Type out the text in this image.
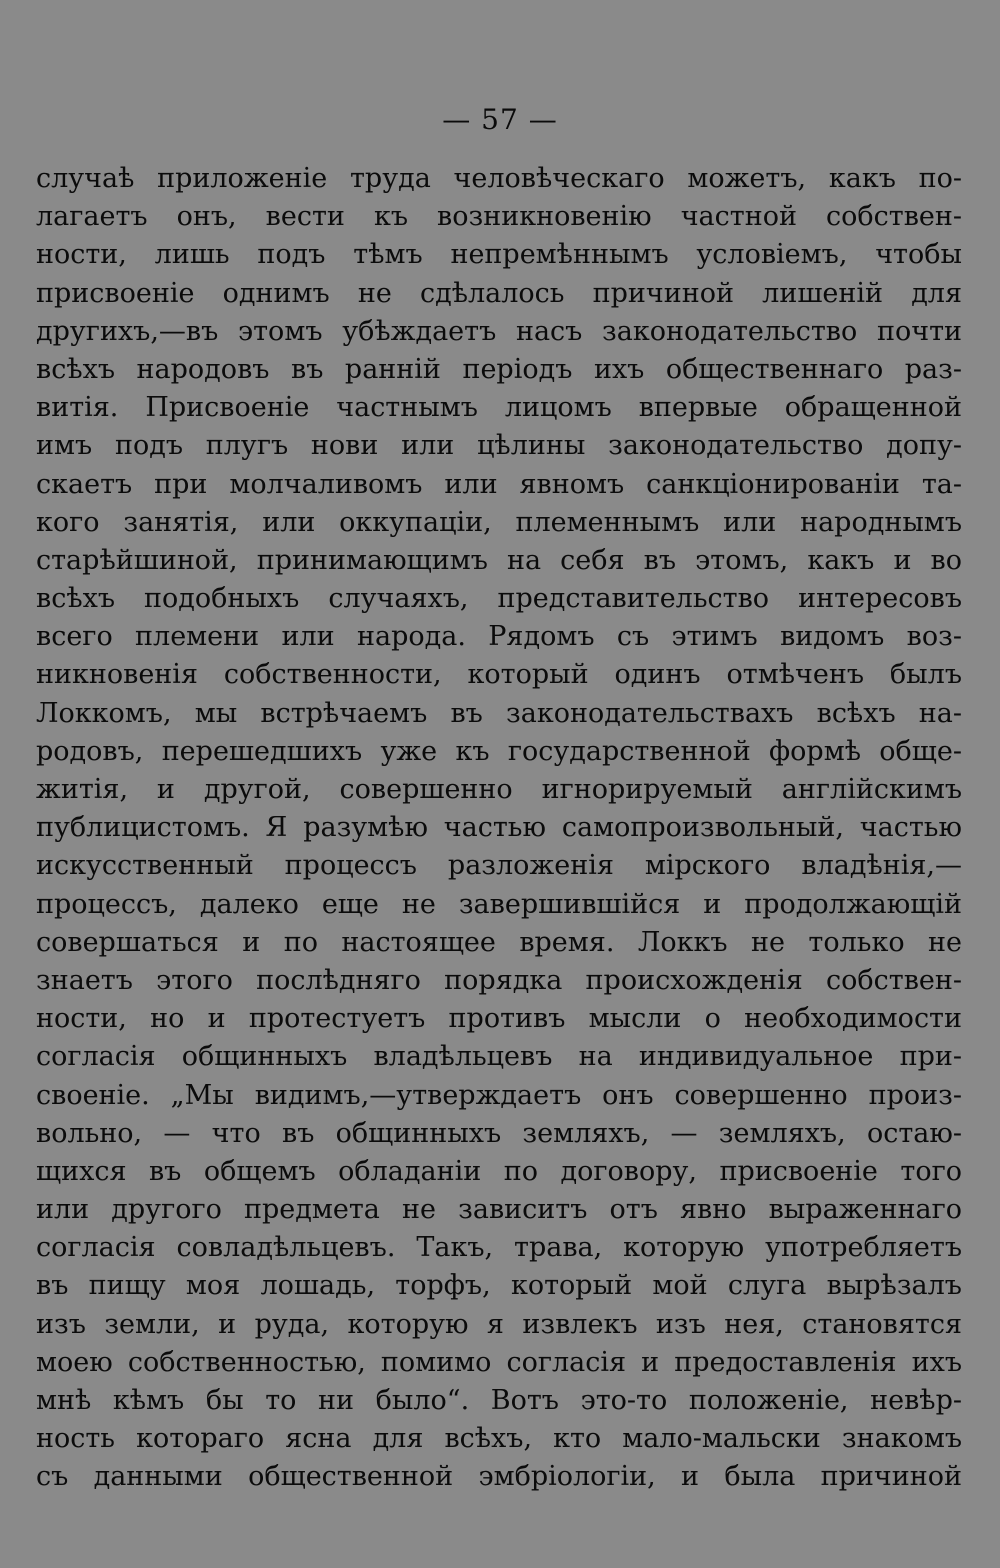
— 57 —
случаѣ приложеніе труда человѣческаго можетъ, какъ по-
лагаетъ онъ, вести къ возникновенію частной собствен-
ности, лишь подъ тѣмъ непремѣннымъ условіемъ, чтобы
присвоеніе однимъ не сдѣлалось причиной лишеній для
другихъ,—въ этомъ убѣждаетъ насъ законодательство почти
всѣхъ народовъ въ ранній періодъ ихъ общественнаго раз-
витія. Присвоеніе частнымъ лицомъ впервые обращенной
имъ подъ плугъ нови или цѣлины законодательство допу-
скаетъ при молчаливомъ или явномъ санкціонированіи та-
кого занятія, или оккупаціи, племеннымъ или народнымъ
старѣйшиной, принимающимъ на себя въ этомъ, какъ и во
всѣхъ подобныхъ случаяхъ, представительство интересовъ
всего племени или народа. Рядомъ съ этимъ видомъ воз-
никновенія собственности, который одинъ отмѣченъ былъ
Локкомъ, мы встрѣчаемъ въ законодательствахъ всѣхъ на-
родовъ, перешедшихъ уже къ государственной формѣ обще-
житія, и другой, совершенно игнорируемый англійскимъ
публицистомъ. Я разумѣю частью самопроизвольный, частью
искусственный процессъ разложенія мірского владѣнія,—
процессъ, далеко еще не завершившійся и продолжающій
совершаться и по настоящее время. Локкъ не только не
знаетъ этого послѣдняго порядка происхожденія собствен-
ности, но и протестуетъ противъ мысли о необходимости
согласія общинныхъ владѣльцевъ на индивидуальное при-
своеніе. „Мы видимъ,—утверждаетъ онъ совершенно произ-
вольно, — что въ общинныхъ земляхъ, — земляхъ, остаю-
щихся въ общемъ обладаніи по договору, присвоеніе того
или другого предмета не зависитъ отъ явно выраженнаго
согласія совладѣльцевъ. Такъ, трава, которую употребляетъ
въ пищу моя лошадь, торфъ, который мой слуга вырѣзалъ
изъ земли, и руда, которую я извлекъ изъ нея, становятся
моею собственностью, помимо согласія и предоставленія ихъ
мнѣ кѣмъ бы то ни было“. Вотъ это-то положеніе, невѣр-
ность котораго ясна для всѣхъ, кто мало-мальски знакомъ
съ данными общественной эмбріологіи, и была причиной
